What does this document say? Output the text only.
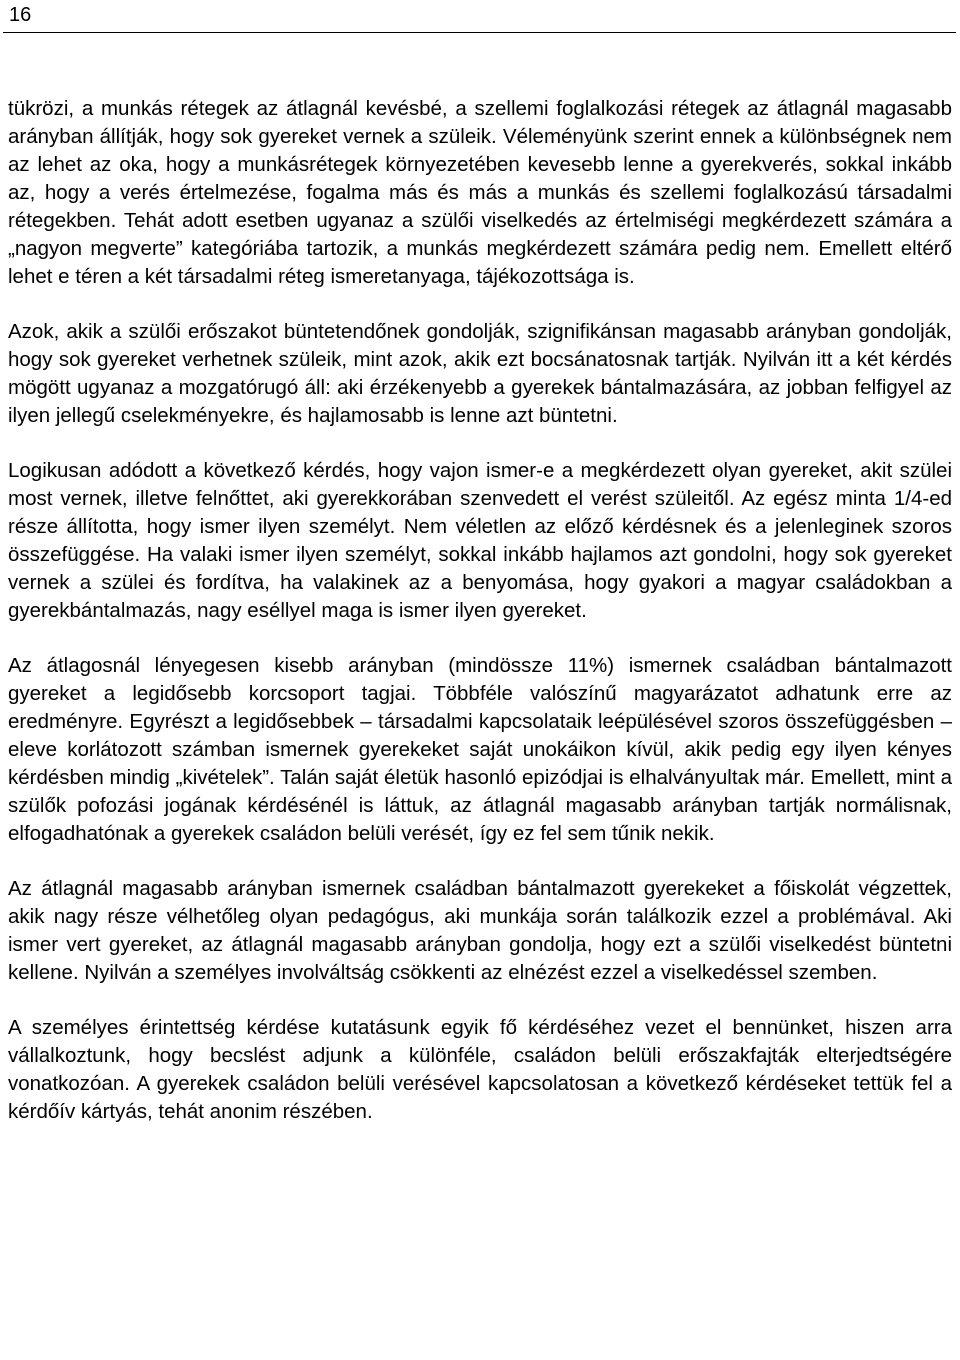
16

tükrözi, a munkás rétegek az átlagnál kevésbé, a szellemi foglalkozási rétegek az átlagnál magasabb arányban állítják, hogy sok gyereket vernek a szüleik. Véleményünk szerint ennek a különbségnek nem az lehet az oka, hogy a munkásrétegek környezetében kevesebb lenne a gyerekverés, sokkal inkább az, hogy a verés értelmezése, fogalma más és más a munkás és szellemi foglalkozású társadalmi rétegekben. Tehát adott esetben ugyanaz a szülői viselkedés az értelmiségi megkérdezett számára a „nagyon megverte” kategóriába tartozik, a munkás megkérdezett számára pedig nem. Emellett eltérő lehet e téren a két társadalmi réteg ismeretanyaga, tájékozottsága is.

Azok, akik a szülői erőszakot büntetendőnek gondolják, szignifikánsan magasabb arányban gondolják, hogy sok gyereket verhetnek szüleik, mint azok, akik ezt bocsánatosnak tartják. Nyilván itt a két kérdés mögött ugyanaz a mozgatórugó áll: aki érzékenyebb a gyerekek bántalmazására, az jobban felfigyel az ilyen jellegű cselekményekre, és hajlamosabb is lenne azt büntetni.

Logikusan adódott a következő kérdés, hogy vajon ismer-e a megkérdezett olyan gyereket, akit szülei most vernek, illetve felnőttet, aki gyerekkorában szenvedett el verést szüleitől. Az egész minta 1/4-ed része állította, hogy ismer ilyen személyt. Nem véletlen az előző kérdésnek és a jelenleginek szoros összefüggése. Ha valaki ismer ilyen személyt, sokkal inkább hajlamos azt gondolni, hogy sok gyereket vernek a szülei és fordítva, ha valakinek az a benyomása, hogy gyakori a magyar családokban a gyerekbántalmazás, nagy eséllyel maga is ismer ilyen gyereket.

Az átlagosnál lényegesen kisebb arányban (mindössze 11%) ismernek családban bántalmazott gyereket a legidősebb korcsoport tagjai. Többféle valószínű magyarázatot adhatunk erre az eredményre. Egyrészt a legidősebbek – társadalmi kapcsolataik leépülésével szoros összefüggésben – eleve korlátozott számban ismernek gyerekeket saját unokáikon kívül, akik pedig egy ilyen kényes kérdésben mindig „kivételek”. Talán saját életük hasonló epizódjai is elhalványultak már. Emellett, mint a szülők pofozási jogának kérdésénél is láttuk, az átlagnál magasabb arányban tartják normálisnak, elfogadhatónak a gyerekek családon belüli verését, így ez fel sem tűnik nekik.

Az átlagnál magasabb arányban ismernek családban bántalmazott gyerekeket a főiskolát végzettek, akik nagy része vélhetőleg olyan pedagógus, aki munkája során találkozik ezzel a problémával. Aki ismer vert gyereket, az átlagnál magasabb arányban gondolja, hogy ezt a szülői viselkedést büntetni kellene. Nyilván a személyes involváltság csökkenti az elnézést ezzel a viselkedéssel szemben.

A személyes érintettség kérdése kutatásunk egyik fő kérdéséhez vezet el bennünket, hiszen arra vállalkoztunk, hogy becslést adjunk a különféle, családon belüli erőszakfajták elterjedtségére vonatkozóan. A gyerekek családon belüli verésével kapcsolatosan a következő kérdéseket tettük fel a kérdőív kártyás, tehát anonim részében.
